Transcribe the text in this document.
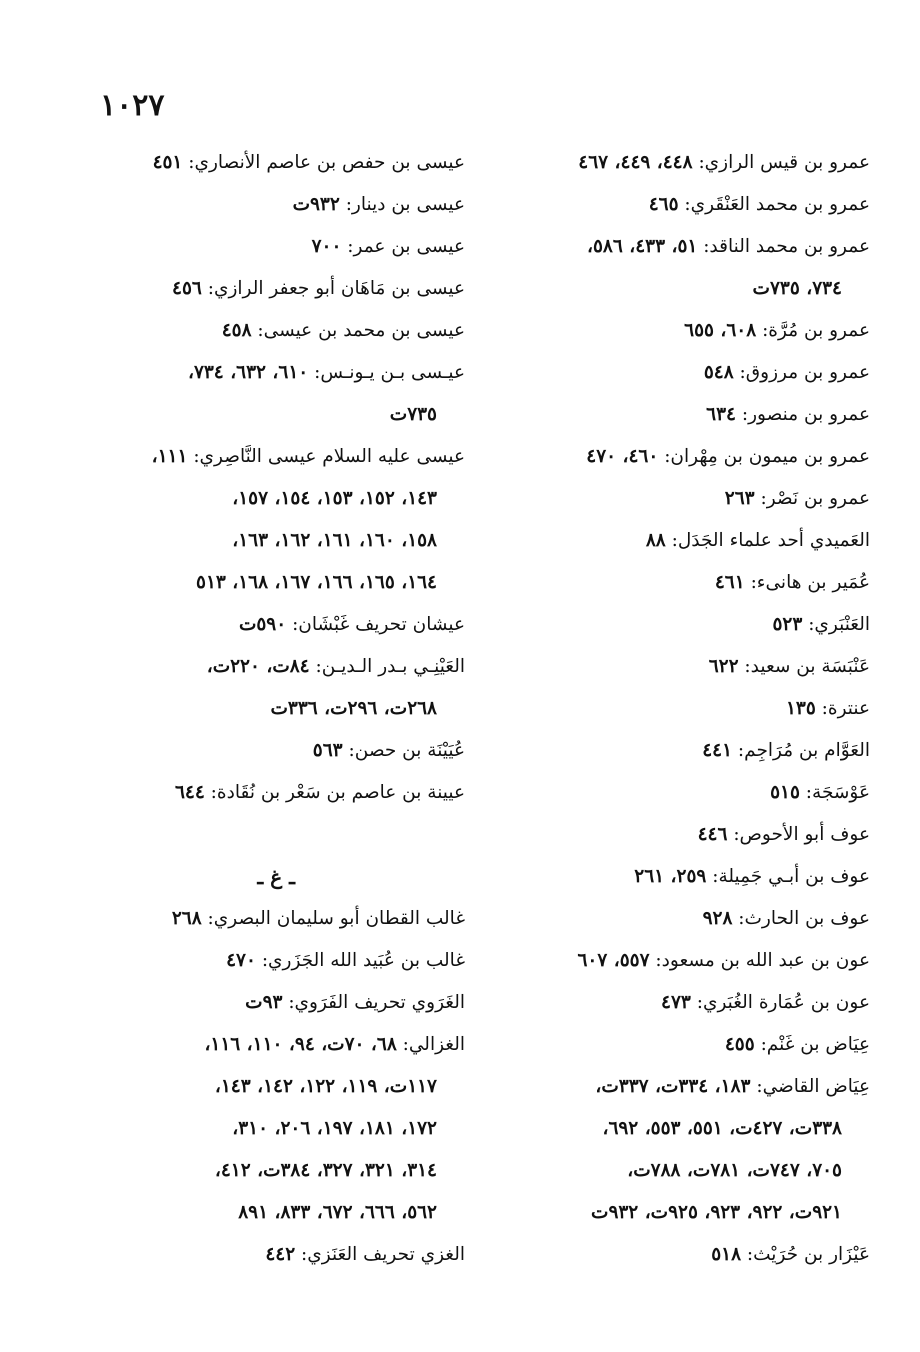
١٠٢٧
عمرو بن قيس الرازي: ٤٤٨، ٤٤٩، ٤٦٧
عمرو بن محمد العَنْقَري: ٤٦٥
عمرو بن محمد الناقد: ٥١، ٤٣٣، ٥٨٦،
٧٣٤، ٧٣٥ت
عمرو بن مُرَّة: ٦٠٨، ٦٥٥
عمرو بن مرزوق: ٥٤٨
عمرو بن منصور: ٦٣٤
عمرو بن ميمون بن مِهْران: ٤٦٠، ٤٧٠
عمرو بن نَصْر: ٢٦٣
العَميدي أحد علماء الجَدَل: ٨٨
عُمَير بن هانىء: ٤٦١
العَنْبَري: ٥٢٣
عَنْبَسَة بن سعيد: ٦٢٢
عنترة: ١٣٥
العَوَّام بن مُرَاجِم: ٤٤١
عَوْسَجَة: ٥١٥
عوف أبو الأحوص: ٤٤٦
عوف بن أبـي جَمِيلة: ٢٥٩، ٢٦١
عوف بن الحارث: ٩٢٨
عون بن عبد الله بن مسعود: ٥٥٧، ٦٠٧
عون بن عُمَارة الغُبَري: ٤٧٣
عِيَاض بن غَنْم: ٤٥٥
عِيَاض القاضي: ١٨٣، ٣٣٤ت، ٣٣٧ت،
٣٣٨ت، ٤٢٧ت، ٥٥١، ٥٥٣، ٦٩٢،
٧٠٥، ٧٤٧ت، ٧٨١ت، ٧٨٨ت،
٩٢١ت، ٩٢٢، ٩٢٣، ٩٢٥ت، ٩٣٢ت
عَيْزَار بن حُرَيْث: ٥١٨
عيسى بن حفص بن عاصم الأنصاري: ٤٥١
عيسى بن دينار: ٩٣٢ت
عيسى بن عمر: ٧٠٠
عيسى بن مَاهَان أبو جعفر الرازي: ٤٥٦
عيسى بن محمد بن عيسى: ٤٥٨
عيـسى بـن يـونـس: ٦١٠، ٦٣٢، ٧٣٤،
٧٣٥ت
عيسى عليه السلام عيسى النَّاصِري: ١١١،
١٤٣، ١٥٢، ١٥٣، ١٥٤، ١٥٧،
١٥٨، ١٦٠، ١٦١، ١٦٢، ١٦٣،
١٦٤، ١٦٥، ١٦٦، ١٦٧، ١٦٨، ٥١٣
عيشان تحريف غَبْشَان: ٥٩٠ت
العَيْنِـي بـدر الـديـن: ٨٤ت، ٢٢٠ت،
٢٦٨ت، ٢٩٦ت، ٣٣٦ت
عُيَيْنَة بن حصن: ٥٦٣
عيينة بن عاصم بن سَعْر بن نُقَادة: ٦٤٤
ـ غ ـ
غالب القطان أبو سليمان البصري: ٢٦٨
غالب بن عُبَيد الله الجَزَري: ٤٧٠
الغَرَوي تحريف الفَرَوي: ٩٣ت
الغزالي: ٦٨، ٧٠ت، ٩٤، ١١٠، ١١٦،
١١٧ت، ١١٩، ١٢٢، ١٤٢، ١٤٣،
١٧٢، ١٨١، ١٩٧، ٢٠٦، ٣١٠،
٣١٤، ٣٢١، ٣٢٧، ٣٨٤ت، ٤١٢،
٥٦٢، ٦٦٦، ٦٧٢، ٨٣٣، ٨٩١
الغزي تحريف العَنَزي: ٤٤٢
